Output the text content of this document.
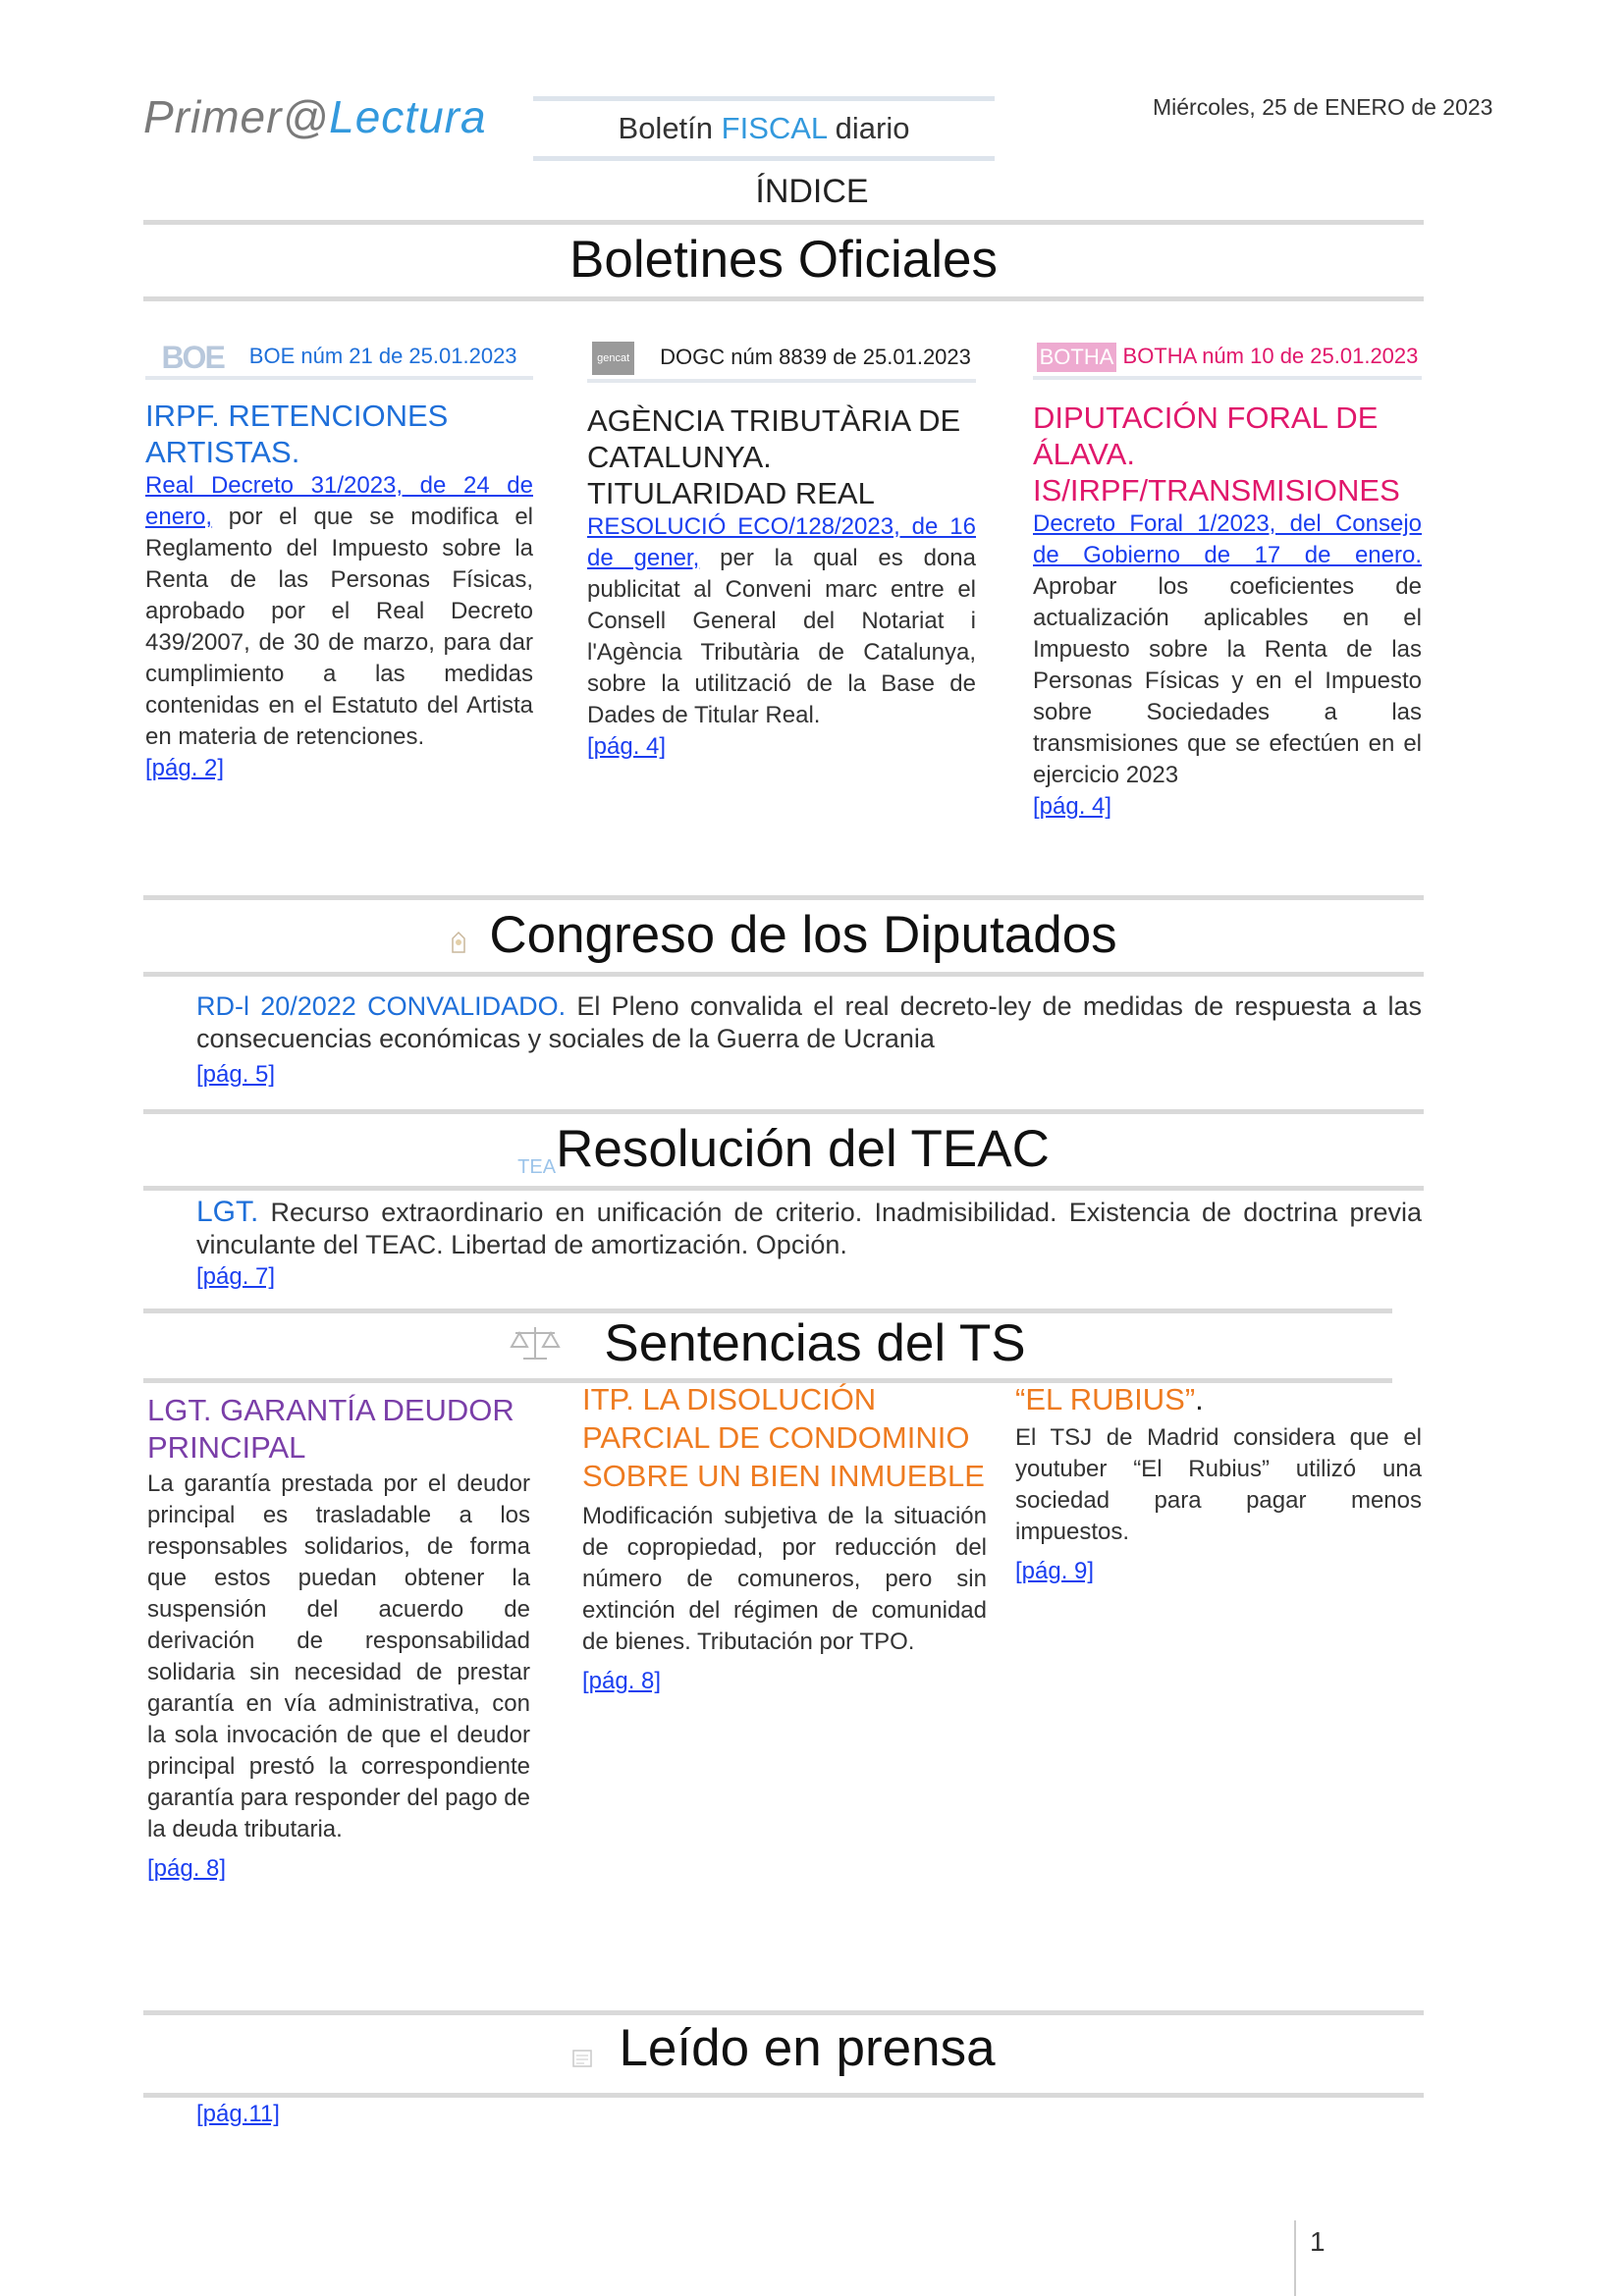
Primer@Lectura	Boletín FISCAL diario
Miércoles, 25 de ENERO de 2023
ÍNDICE
Boletines Oficiales
BOE BOE núm 21 de 25.01.2023
IRPF. RETENCIONES ARTISTAS.
Real Decreto 31/2023, de 24 de enero, por el que se modifica el Reglamento del Impuesto sobre la Renta de las Personas Físicas, aprobado por el Real Decreto 439/2007, de 30 de marzo, para dar cumplimiento a las medidas contenidas en el Estatuto del Artista en materia de retenciones.
[pág. 2]
gencat DOGC núm 8839 de 25.01.2023
AGÈNCIA TRIBUTÀRIA DE CATALUNYA. TITULARIDAD REAL
RESOLUCIÓ ECO/128/2023, de 16 de gener, per la qual es dona publicitat al Conveni marc entre el Consell General del Notariat i l'Agència Tributària de Catalunya, sobre la utilització de la Base de Dades de Titular Real.
[pág. 4]
BOTHA BOTHA núm 10 de 25.01.2023
DIPUTACIÓN FORAL DE ÁLAVA. IS/IRPF/TRANSMISIONES
Decreto Foral 1/2023, del Consejo de Gobierno de 17 de enero. Aprobar los coeficientes de actualización aplicables en el Impuesto sobre la Renta de las Personas Físicas y en el Impuesto sobre Sociedades a las transmisiones que se efectúen en el ejercicio 2023
[pág. 4]
Congreso de los Diputados
RD-l 20/2022 CONVALIDADO. El Pleno convalida el real decreto-ley de medidas de respuesta a las consecuencias económicas y sociales de la Guerra de Ucrania
[pág. 5]
TEAResolución del TEAC
LGT. Recurso extraordinario en unificación de criterio. Inadmisibilidad. Existencia de doctrina previa vinculante del TEAC. Libertad de amortización. Opción.
[pág. 7]
Sentencias del TS
LGT. GARANTÍA DEUDOR PRINCIPAL
La garantía prestada por el deudor principal es trasladable a los responsables solidarios, de forma que estos puedan obtener la suspensión del acuerdo de derivación de responsabilidad solidaria sin necesidad de prestar garantía en vía administrativa, con la sola invocación de que el deudor principal prestó la correspondiente garantía para responder del pago de la deuda tributaria.
[pág. 8]
ITP. LA DISOLUCIÓN PARCIAL DE CONDOMINIO SOBRE UN BIEN INMUEBLE
Modificación subjetiva de la situación de copropiedad, por reducción del número de comuneros, pero sin extinción del régimen de comunidad de bienes. Tributación por TPO.
[pág. 8]
“EL RUBIUS”.
El TSJ de Madrid considera que el youtuber “El Rubius” utilizó una sociedad para pagar menos impuestos.
[pág. 9]
Leído en prensa
[pág.11]
1
